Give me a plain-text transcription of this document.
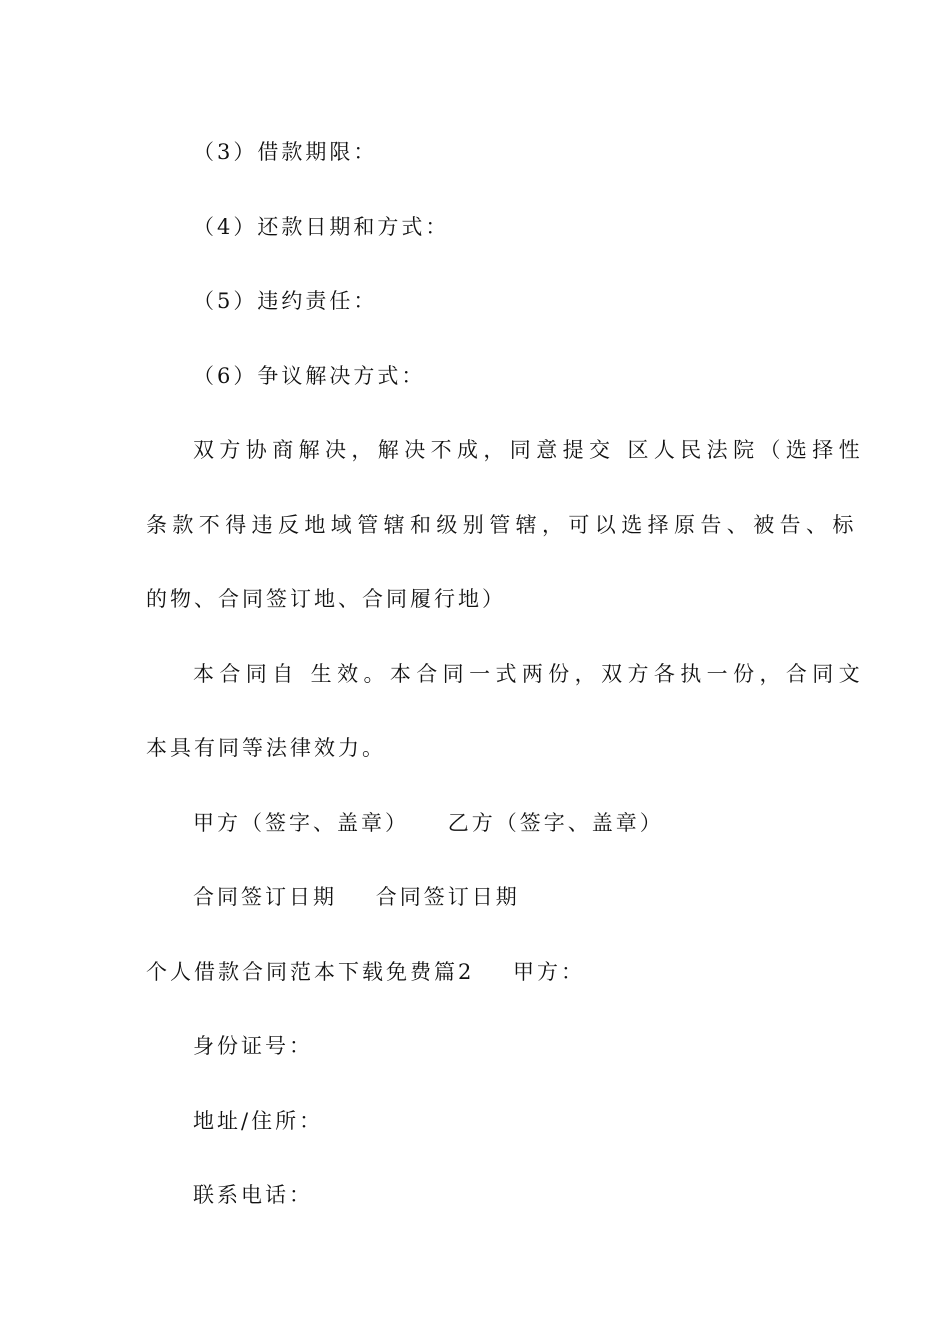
（3）借款期限：
（4）还款日期和方式：
（5）违约责任：
（6）争议解决方式：
双方协商解决，解决不成，同意提交 区人民法院（选择性
条款不得违反地域管辖和级别管辖，可以选择原告、被告、标
的物、合同签订地、合同履行地）
本合同自 生效。本合同一式两份，双方各执一份，合同文
本具有同等法律效力。
甲方（签字、盖章）    乙方（签字、盖章）
合同签订日期    合同签订日期
个人借款合同范本下载免费篇2    甲方：
身份证号：
地址/住所：
联系电话：
